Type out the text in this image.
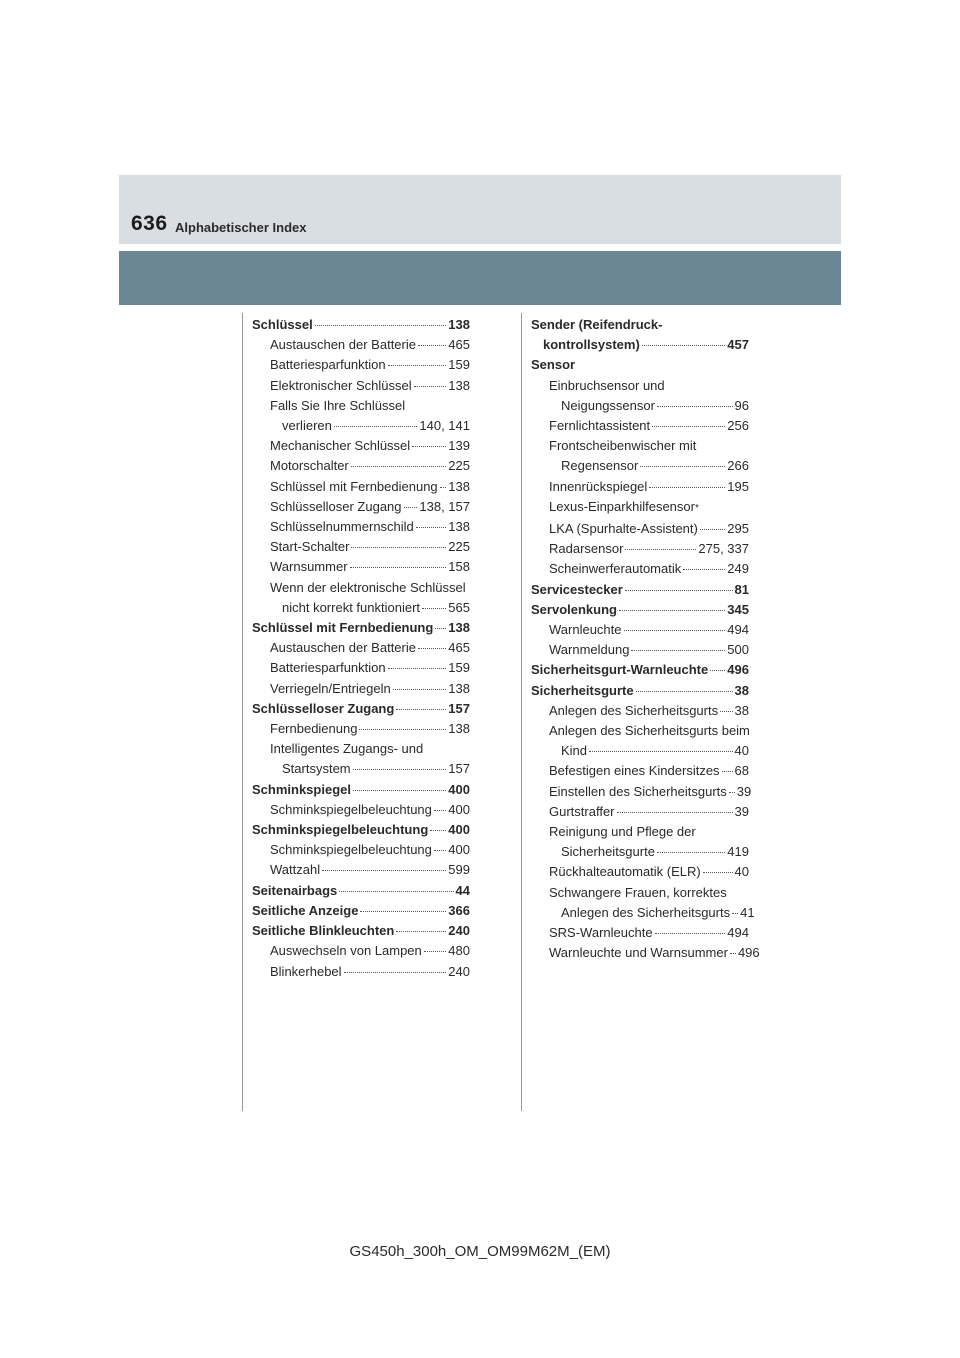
636 Alphabetischer Index
Schlüssel	138
Austauschen der Batterie 465
Batteriesparfunktion	159
Elektronischer Schlüssel	138
Falls Sie Ihre Schlüssel
verlieren	140, 141
Mechanischer Schlüssel	139
Motorschalter	225
Schlüssel mit Fernbedienung 138
Schlüsselloser Zugang 138, 157
Schlüsselnummernschild	138
Start-Schalter	225
Warnsummer	158
Wenn der elektronische Schlüssel
nicht korrekt funktioniert 565
Schlüssel mit Fernbedienung 138
Austauschen der Batterie 465
Batteriesparfunktion	159
Verriegeln/Entriegeln	138
Schlüsselloser Zugang	157
Fernbedienung	138
Intelligentes Zugangs- und
Startsystem	157
Schminkspiegel	400
Schminkspiegelbeleuchtung 400
Schminkspiegelbeleuchtung 400
Schminkspiegelbeleuchtung 400
Wattzahl	599
Seitenairbags	44
Seitliche Anzeige	366
Seitliche Blinkleuchten	240
Auswechseln von Lampen 480
Blinkerhebel	240
Sender (Reifendruck-
kontrollsystem)	457
Sensor
Einbruchsensor und
Neigungssensor	96
Fernlichtassistent	256
Frontscheibenwischer mit
Regensensor	266
Innenrückspiegel	195
Lexus-Einparkhilfesensor *
LKA (Spurhalte-Assistent) 295
Radarsensor	275, 337
Scheinwerferautomatik	249
Servicestecker	81
Servolenkung	345
Warnleuchte	494
Warnmeldung	500
Sicherheitsgurt-Warnleuchte 496
Sicherheitsgurte	38
Anlegen des Sicherheitsgurts 38
Anlegen des Sicherheitsgurts beim
Kind	40
Befestigen eines Kindersitzes 68
Einstellen des Sicherheitsgurts 39
Gurtstraffer	39
Reinigung und Pflege der
Sicherheitsgurte	419
Rückhalteautomatik (ELR)	40
Schwangere Frauen, korrektes
Anlegen des Sicherheitsgurts 41
SRS-Warnleuchte	494
Warnleuchte und Warnsummer 496
GS450h_300h_OM_OM99M62M_(EM)
